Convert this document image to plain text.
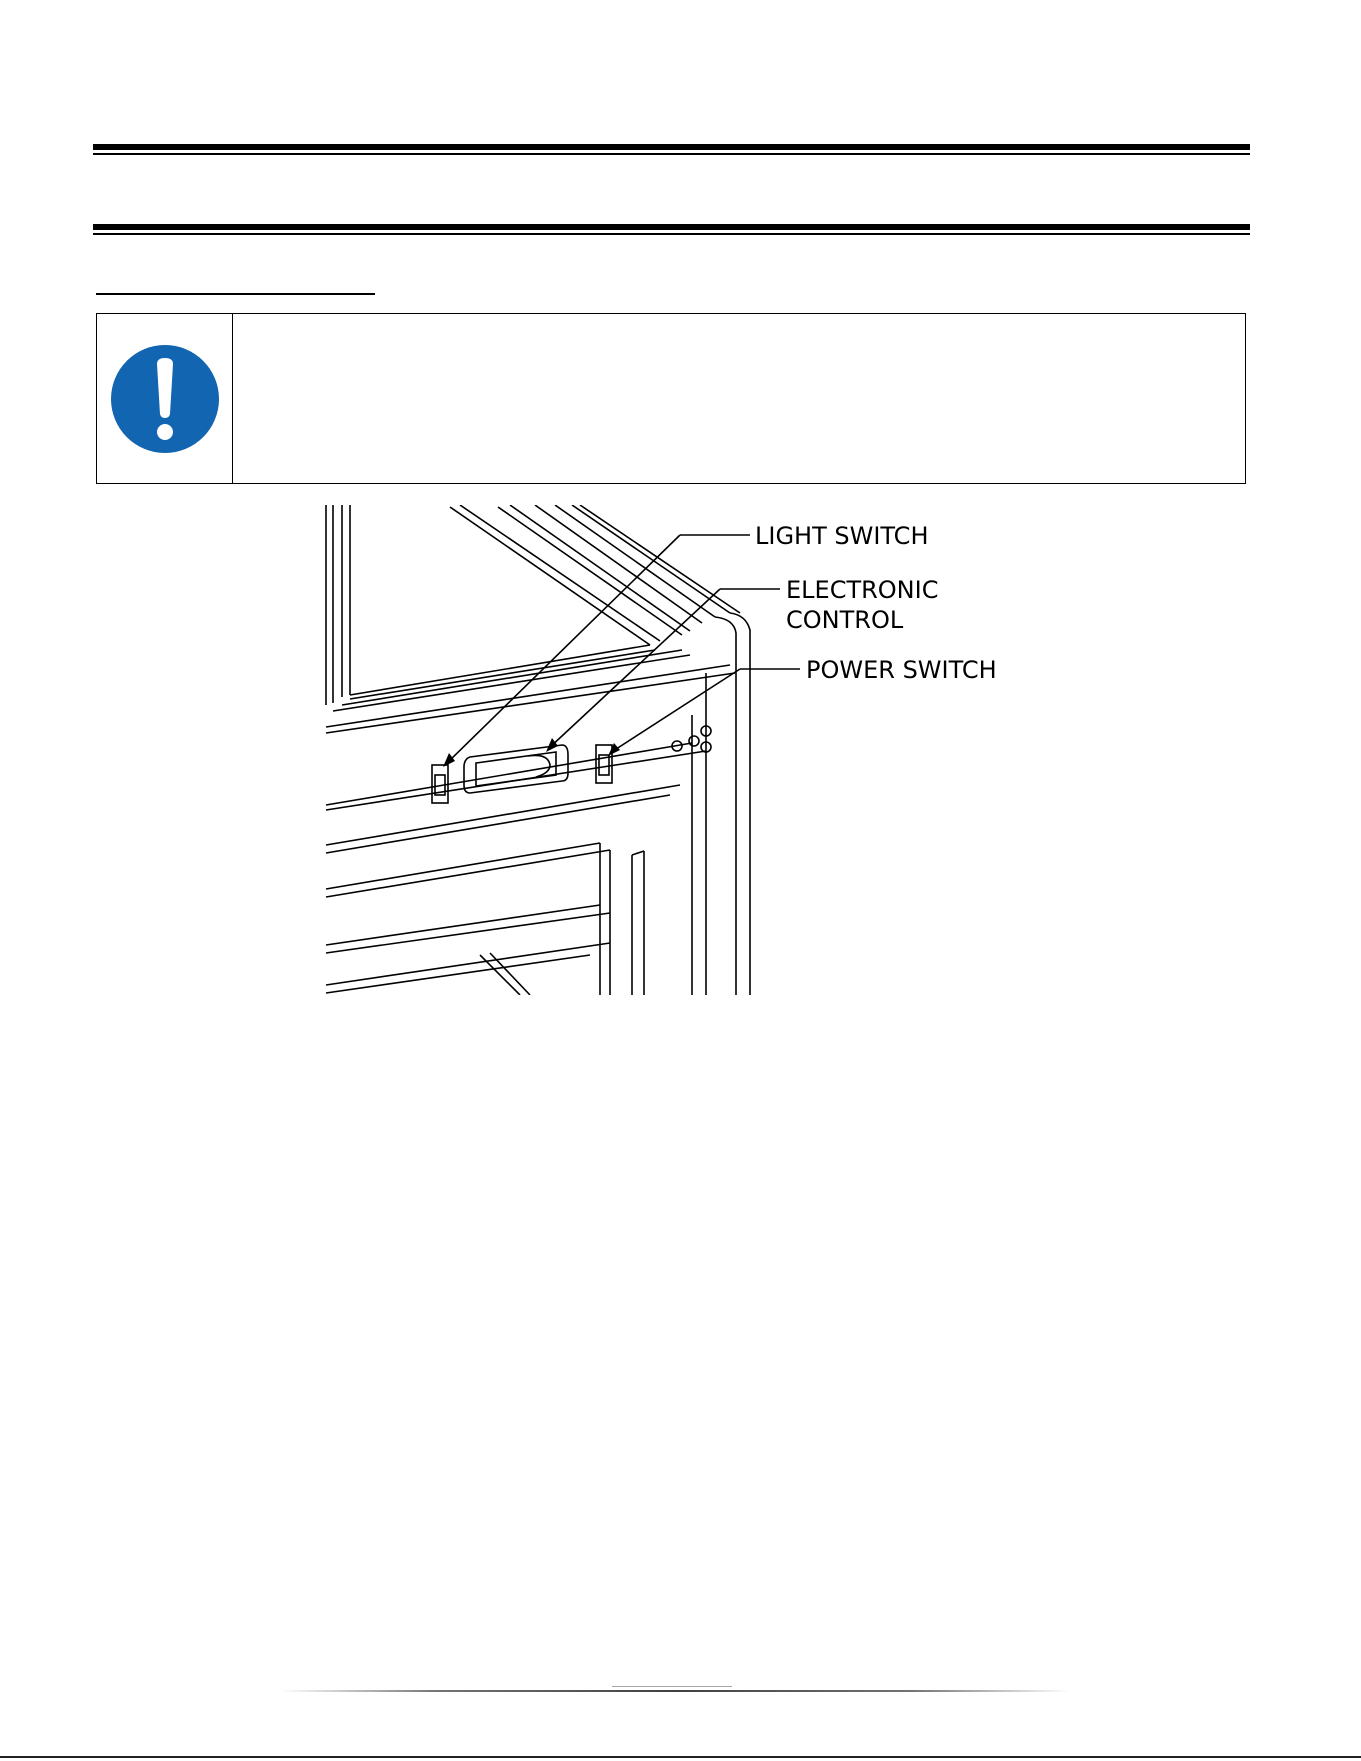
LIGHT SWITCH
ELECTRONIC
CONTROL
POWER SWITCH
